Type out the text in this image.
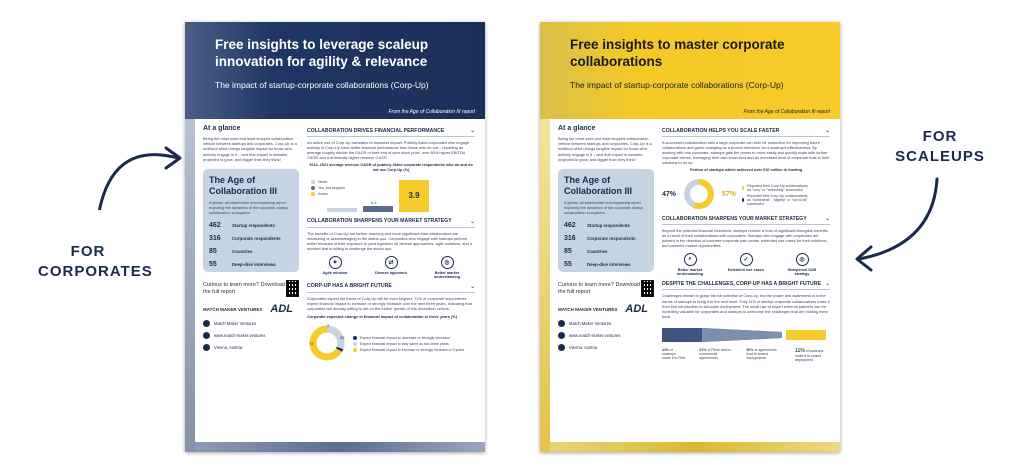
FOR
CORPORATES
FOR
SCALEUPS
Free insights to leverage scaleup innovation for agility & relevance
The impact of startup-corporate collaborations (Corp-Up)
From the Age of Collaboration III report
At a glance
Being the most used and least stopped collaboration vehicle between startups and corporates, Corp-Up is a multitool which brings tangible impact for those who actively engage in it – and that impact is sizeable, projected to grow, and bigger than they think!
The Age of Collaboration III
A global, all-stakeholder encompassing report exploring the dynamics of the corporate-startup collaboration ecosystem.
462	Startup respondents
316	Corporate respondents
85	Countries
55	Deep-dive interviews
Curious to learn more? Download the full report
MATCH MAKER VENTURES ADL
Match-Maker Ventures
www.match-maker.ventures
Vienna, Austria
COLLABORATION DRIVES FINANCIAL PERFORMANCE	⌄
An active use of Corp-Up translates to business impact: Publicly listed corporates who engage actively in Corp-Up have better financial performance than those who do not – reporting an average roughly double the CAGR of their end of year stock price, over 60% higher EBITDA CAGR and a drastically higher revenue CAGR.
2016–2021 average revenue CAGR of publicly listed corporate respondents who do and do not use Corp-Up (%)
Never
Yes, but stopped
Active
0.4
3.9
COLLABORATION SHARPENS YOUR MARKET STRATEGY	⌄
The benefits of Corp-Up are farther reaching and more significant than collaborators are measuring or acknowledging in the status quo: Corporates who engage with startups perform better because of their exposure to (and ingestion of) diverse approaches, agile solutions, and a mindset that is willing to challenge the status quo.
✦
Agile mindset
⇄
Diverse approach
◎
Better market understanding
CORP-UP HAS A BRIGHT FUTURE	⌄
Corporates expect the future of Corp-Up will be even brighter: 72% of corporate respondents expect financial impact to increase or strongly increase over the next three years, indicating that corporates are already willing to bet on the further growth of this innovation vehicle.
Corporate expected change in financial impact of collaboration in three years (%)
72
26
2
Expect financial impact to decrease or strongly decrease
Expect financial impact to stay same as two-three years
Expect financial impact to increase or strongly increase in 3 years
Free insights to master corporate collaborations
The impact of startup-corporate collaborations (Corp-Up)
From the Age of Collaboration III report
At a glance
Being the most used and least stopped collaboration vehicle between startups and corporates, Corp-Up is a multitool which brings tangible impact for those who actively engage in it – and that impact is sizeable, projected to grow, and bigger than they think!
The Age of Collaboration III
A global, all-stakeholder encompassing report exploring the dynamics of the corporate-startup collaboration ecosystem.
462	Startup respondents
316	Corporate respondents
85	Countries
55	Deep-dive interviews
Curious to learn more? Download the full report
MATCH MAKER VENTURES ADL
Match-Maker Ventures
www.match-maker.ventures
Vienna, Austria
COLLABORATION HELPS YOU SCALE FASTER	⌄
A successful collaboration with a large corporate can both be instructive for improving future collaborations and game-changing as a proven reference for a scaleup's effectiveness: By working with one corporate, startups gain the power to more easily and quickly scale with further corporate clients, leveraging their own know-how and an increased level of corporate trust in their solutions to do so.
Portion of startups which achieved over €10 million in funding
47%	57%
Reported their Corp-Up collaborations as "very" or "extremely" successful
Reported their Corp-Up collaborations as "somewhat", "slightly" or "not at all" successful
COLLABORATION SHARPENS YOUR MARKET STRATEGY	⌄
Beyond the potential financial incentives, startups receive a host of significant intangible benefits as a result of their collaborations with corporates: Startups who engage with corporates are pointed in the direction of concrete corporate pain points, extended use cases for their solutions, and powerful market opportunities.
⌕
Better market understanding
✓
Extended use cases
◎
Sharpened D2M strategy
DESPITE THE CHALLENGES, CORP-UP HAS A BRIGHT FUTURE ⌄
Challenges remain to grasp the full potential of Corp-Up, but the power and awareness is in the hands of startups to bring it to the next level: Only 11% of startup-corporate collaborations make it from first introduction to full-scale deployment. The small use of expert external partners can be incredibly valuable for corporates and startups to overcome the challenges that are holding them back.
43% of scaleups made it to Pilot
51% of Pilots lead to commercial agreements
50% of agreements lead to scaled deployments
11% of scaleups make it to scaled deployment
